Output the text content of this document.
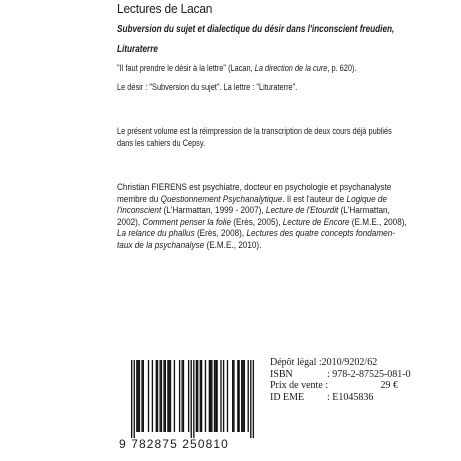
Lectures de Lacan
Subversion du sujet et dialectique du désir dans l'inconscient freudien,
Lituraterre
"Il faut prendre le désir à la lettre" (Lacan, La direction de la cure, p. 620).
Le désir : "Subversion du sujet". La lettre : "Lituraterre".
Le présent volume est la réimpression de la transcription de deux cours déjà publiés
dans les cahiers du Cepsy.
Christian FIERENS est psychiatre, docteur en psychologie et psychanalyste
membre du Questionnement Psychanalytique. Il est l'auteur de Logique de
l'inconscient (L'Harmattan, 1999 - 2007), Lecture de l'Etourdit (L'Harmattan,
2002), Comment penser la folie (Erès, 2005), Lecture de Encore (E.M.E., 2008),
La relance du phallus (Erès, 2008), Lectures des quatre concepts fondamen-
taux de la psychanalyse (E.M.E., 2010).
9 782875 250810
Dépôt légal : 2010/9202/62
ISBN	: 978-2-87525-081-0
Prix de vente :	29 €
ID EME	: E1045836
